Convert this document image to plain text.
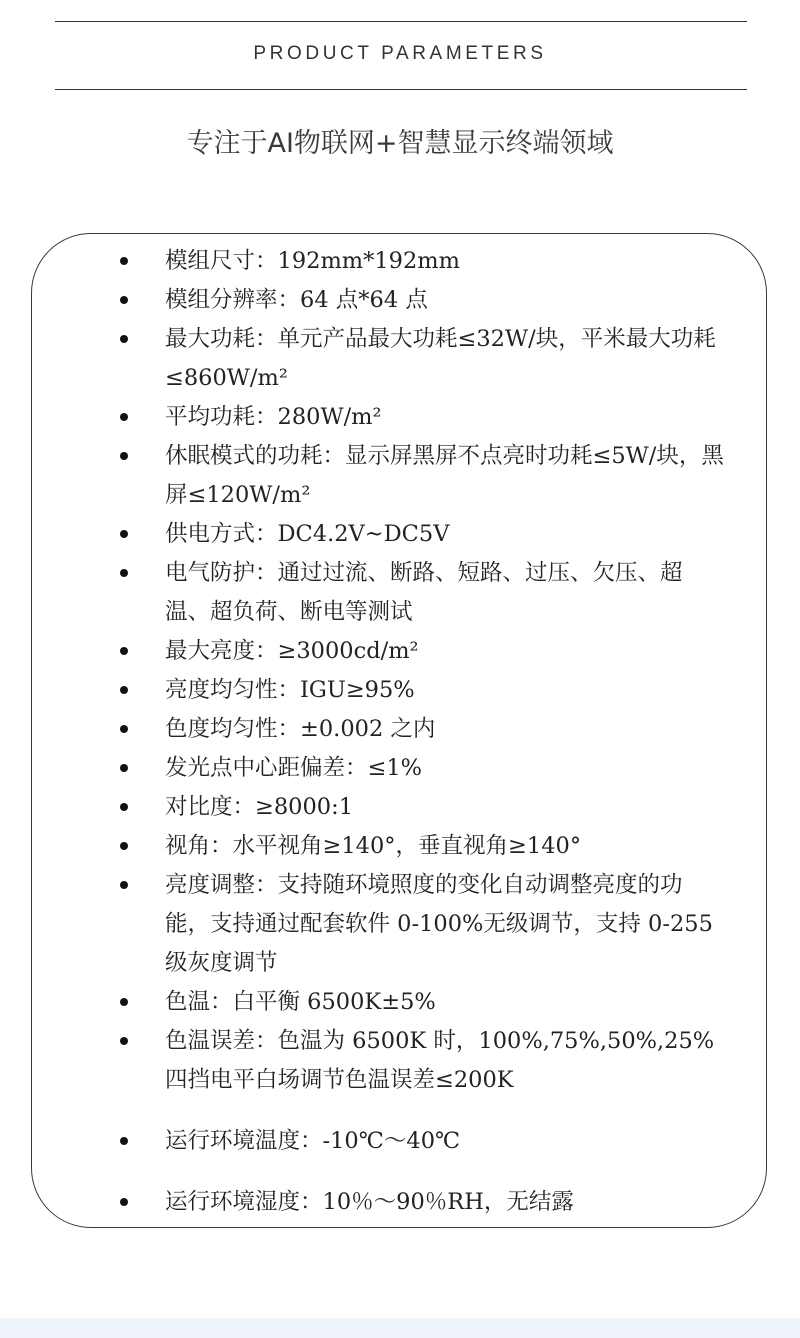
PRODUCT PARAMETERS
专注于AI物联网+智慧显示终端领域
模组尺寸：192mm*192mm
模组分辨率：64 点*64 点
最大功耗：单元产品最大功耗≤32W/块，平米最大功耗≤860W/m²
平均功耗：280W/m²
休眠模式的功耗：显示屏黑屏不点亮时功耗≤5W/块，黑屏≤120W/m²
供电方式：DC4.2V~DC5V
电气防护：通过过流、断路、短路、过压、欠压、超温、超负荷、断电等测试
最大亮度：≥3000cd/m²
亮度均匀性：IGU≥95%
色度均匀性：±0.002 之内
发光点中心距偏差：≤1%
对比度：≥8000:1
视角：水平视角≥140°，垂直视角≥140°
亮度调整：支持随环境照度的变化自动调整亮度的功能，支持通过配套软件 0-100%无级调节，支持 0-255 级灰度调节
色温：白平衡 6500K±5%
色温误差：色温为 6500K 时，100%,75%,50%,25%四挡电平白场调节色温误差≤200K
运行环境温度：-10℃～40℃
运行环境湿度：10％～90％RH，无结露
